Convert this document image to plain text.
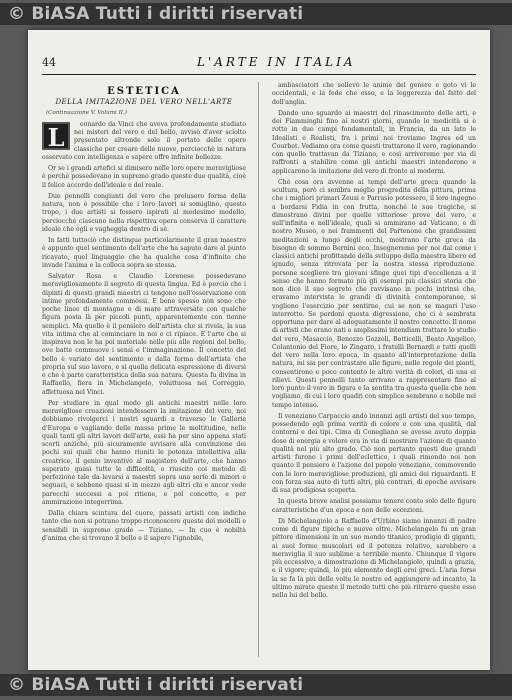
© BiASA Tutti i diritti riservati
44	L'ARTE IN ITALIA
ESTETICA
DELLA IMITAZIONE DEL VERO NELL'ARTE
(Continuazione V. Volumi II.)
L	eonardo da Vinci che aveva profondamente studiato nei misteri del vero e del bello, avvisò d'aver sciolto presentato altronde solo il portato delle opere classiche per creare delle nuove, perciocchè in natura osservato con intelligenza e sapere offre infinite bellezze.

Or se i grandi artefici si dimisero nelle loro opere meravigliose è perchè possedevano in supremo grado queste due qualità, cioè il felice accordo dell'ideale e del reale.

Due pennelli congiunti del vero che prelusero forma della natura, non è possibile che i loro lavori si somiglino, questo tropo, i due artisti si fossero ispirati al medesimo modello, perciocchè ciascuno nella rispettiva opera conserva il carattere ideale che egli e vagheggia dentro di sè.

In fatti tuttociò che distingue particolarmente il gran maestro è appunto quel sentimento dell'arte che ha saputo dare al punto ricavato, quel linguaggio che ha qualche cosa d'infinito che invade l'anima e la colloca sopra se stessa.

Salvator Rosa e Claudio Lorenese possedevano meravigliosamente il segreto di questa lingua. Ed è perciò che i dipinti di questi grandi maestri ci tengono nell'osservazione con intime profondamente commossi. E bene spesso non sono che poche linee di montagne e di mare attraversate con qualche figura posta là per piccoli punti, apparentemente con tienne semplici. Ma quello è il pensiero dell'artista che si rivela, la sua vita intima che al cominciare in noi e ci ripiace. E l'arte che si inspirava non le ha poi materiale nelle più alle regioni del bello, ove batte commuove i sensi e l'immaginazione. Il concetto del bello è variato del sentimento e dalla forma dell'artista che propria sul suo lavoro, e si quella delicata espressione di diversi e che è parte caratteristica della sua natura. Questa fu divina in Raffaello, fiera in Michelangelo, voluttuosa nel Correggio, affettuosa nel Vinci.

Per studiare in qual modo gli antichi maestri nelle loro meravigliose creazioni intendessero la imitazione del vero, noi dobbiamo rivolgerci i nostri sguardi a traverso le Gallerie d'Europa e vagliando delle massa prime le moltitudine, nelle quali tanti gli altri lavori dell'arte, essi ha per sino appena stati scorti anziché, più sicuramente avvisare alla convinzione dei pochi sui quali che hanno riuniti le potenza intellettiva alla creatrice, il genio inventivo al magistero dell'arte, che hanno superato quasi tutte le difficoltà, e riuscito coi metodo di perfezione tale da levarsi a maestri sopra una serie di minori e seguaci, e sebbene quasi si in mezzo agli altri chi e ancor vede parecchi successi a poi ritiene, e pol concetto, e per ammirazione integerrima.

Dalla chiara scintura del cuore, passati artisti con indiche tanto che non si potrano troppo riconoscere queste dei modelli e sensibili in supremo grado — Tiziano. — In cuo è nobiltà d'anima che si trovano il bello e il sapere l'ignobile,

ambasciatori che sollevò le anime del genere e goto vi le occidentali, e la fede che esso, e la leggerezza del fatto del dell'anglia.

Dando uno sguardo ai maestri del rinascimento delle arti, e dei Fiamminghi fino ai nostri giorni, quando le medicità si è rotto in due campi fondamentali, in Francia, da un lato le Idealisti e Realisti, fra i primi noi troviamo Ingres ed un Courbet. Vediamo ora come questi trattarono il vero, ragionando con quello trattavan da Tiziano, e così arriveremo per via di raffronti a stabilire come gli antichi maestri intenderono e applicarono la imitazione del vero di fronte ai moderni.

Chè cosa ora avvenne ai tempi dell'arte greca quando la scultura, però ci sembra meglio progredita della pittura, prima che i migliori primari Zeusi e Parrasio potessero, il loro ingegno a bordarsi Fidia in con frutta, nonché le sue tragiche, si dimostrano divini per quelle vittoriose prove del vero, e sull'infinita e nell'ideale, quali si ammirano ad Vaticano, e di nostro Museo, e nei frammenti del Partenone che grandissimi meditazioni a lungo degli occhi, mostrano l'arte greca da bisogno di sommo Bernini eco. Insegneremo per noi dal come i classici antichi profittando della sviluppo della maestra libero ed ignudo, senza ritrovata per la nostra stessa riproduzione. persone scegliere tra giovani sfinge quei tipi d'eccellenza a il senso che hanno formato più gli esempi più classici storia che non dice il suo segreto che ravvisano in pochi intrinsi che, eravamo intervista le grandi di divinità contemporanee, si vogliono l'esercizio per sentirne, cui se non se magari l'uso interrotto. Se perdoni questa digressione, che ci è sembrata opportuna per dare al adeguatamente il nostro concetto. Il nome di artisti che erano nati e amplissimi intendiam trattare lo studio del vero, Masaccio, Benozzo Gozzoli, Botticelli, Beato Angelico, Colantonio del Fiore, lo Zingaro, i fratelli Bernardi e tutti quelli del vero nella loro epoca, in quanto all'interpretazione della natura, mi sia per contrastare alle figure, nelle regole dei pianti, consentirono e poco contento le altre verità di colori, di una ei rilievi. Questi pennelli tanto arrivano a rappresentare fino al loro punto il vero in figura e la sentita tra questa quella che non vogliamo, di cui i loro quadri con simplice sembrano e nobile nel tempo intenso.

Il veneziano Carpaccio andò innanzi agli artisti del suo tempo, possedendo egli prima verità di colore e con una qualità, dal contorni e dei tipi. Cima di Conegliano se avesse avuto doppia dose di energia e volere era in via di mostrare l'azione di quanto qualità nel più alto grado. Ciò non pertanto questi due grandi artisti furono i primi dell'eclettico, i quali rimondo noi non quanto il pensiero è l'azione del popolo veneziano, commovendo con le loro meravigliose produzioni, gli amici dei riguardanti. E con forza sua auto di tutti altri, più contrari, di epoche avvisare di sua prodigiosa scoperta.

In questa breve analisi possiamo tenere conto solo delle figure caratteristiche d'un epoca e non delle eccezioni.

Di Michelangiolo a Raffaello d'Urbino siamo innanzi di padre come di figure tipiche e nuove oltre. Michelangelo fu un gran pittore dimensioni in un suo mondo titanico, prodigio di giganti, ai suoi forme muscolari ed il potenza relativo, sarebbero a meraviglia il suo sublime a terribile mente. Chiunque il vigore più eccessivo, a dimostrazione di Michelangiolo, quindi a grazia, e il vigore; quindi, lo più elemento degli eroi greci. L'aria forse la se fa la più delle volte le nostre ed aggiungere ad incanto, la ultimo mirate queste il metodo tutti che più ritrarre queste esse nella lui del bello.

© BiASA Tutti i diritti riservati
